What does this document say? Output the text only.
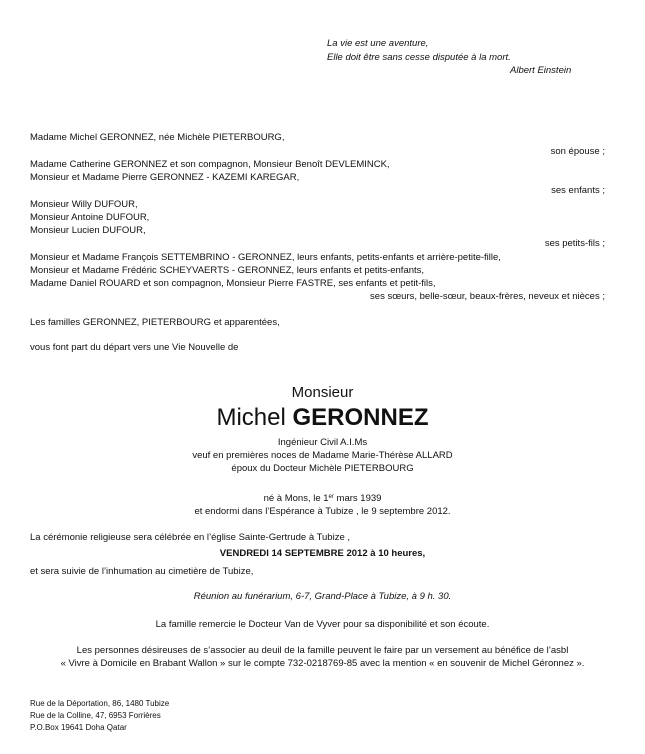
La vie est une aventure,
Elle doit être sans cesse disputée à la mort.
Albert Einstein
Madame Michel GERONNEZ, née Michèle PIETERBOURG,
son épouse ;
Madame Catherine GERONNEZ et son compagnon, Monsieur Benoît DEVLEMINCK,
Monsieur et Madame Pierre GERONNEZ - KAZEMI KAREGAR,
ses enfants ;
Monsieur Willy DUFOUR,
Monsieur Antoine DUFOUR,
Monsieur Lucien DUFOUR,
ses petits-fils ;
Monsieur et Madame François SETTEMBRINO - GERONNEZ, leurs enfants, petits-enfants et arrière-petite-fille,
Monsieur et Madame Frédéric SCHEYVAERTS - GERONNEZ, leurs enfants et petits-enfants,
Madame Daniel ROUARD et son compagnon, Monsieur Pierre FASTRE, ses enfants et petit-fils,
ses sœurs, belle-sœur, beaux-frères, neveux et nièces ;
Les familles GERONNEZ, PIETERBOURG et apparentées,
vous font part du départ vers une Vie Nouvelle de
Monsieur
Michel GERONNEZ
Ingénieur Civil A.I.Ms
veuf en premières noces de Madame Marie-Thérèse ALLARD
époux du Docteur Michèle PIETERBOURG
né à Mons, le 1er mars 1939
et endormi dans l’Espérance à Tubize , le 9 septembre 2012.
La cérémonie religieuse sera célébrée en l’église Sainte-Gertrude à Tubize ,
VENDREDI 14 SEPTEMBRE 2012 à 10 heures,
et sera suivie de l’inhumation au cimetière de Tubize,
Réunion au funérarium, 6-7, Grand-Place à Tubize, à 9 h. 30.
La famille remercie le Docteur Van de Vyver pour sa disponibilité et son écoute.
Les personnes désireuses de s’associer au deuil de la famille peuvent le faire par un versement au bénéfice de l’asbl
« Vivre à Domicile en Brabant Wallon » sur le compte 732-0218769-85 avec la mention « en souvenir de Michel Géronnez ».
Rue de la Déportation, 86, 1480 Tubize
Rue de la Colline, 47, 6953 Forrières
P.O.Box 19641 Doha Qatar
